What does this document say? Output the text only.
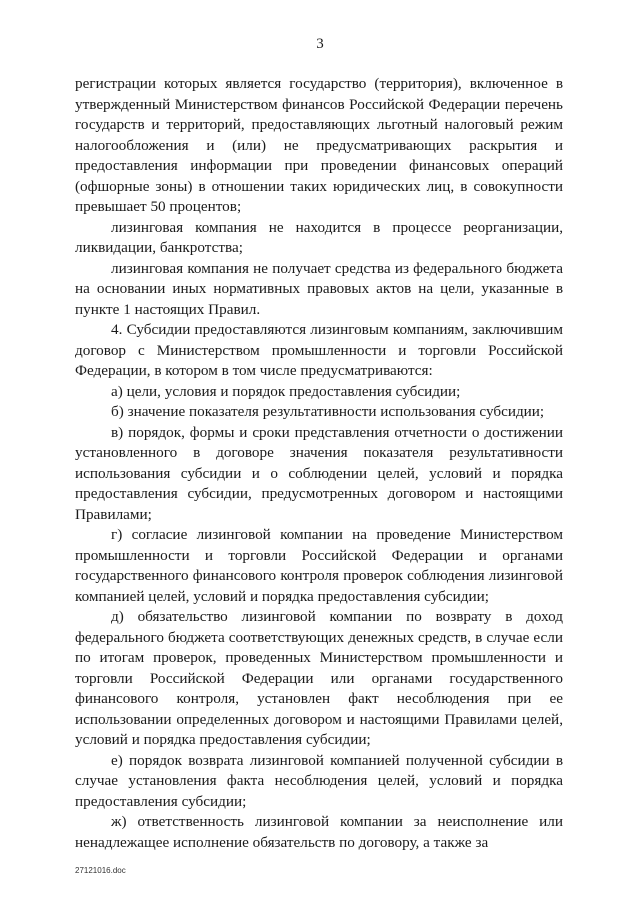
3

регистрации которых является государство (территория), включенное в утвержденный Министерством финансов Российской Федерации перечень государств и территорий, предоставляющих льготный налоговый режим налогообложения и (или) не предусматривающих раскрытия и предоставления информации при проведении финансовых операций (офшорные зоны) в отношении таких юридических лиц, в совокупности превышает 50 процентов;

лизинговая компания не находится в процессе реорганизации, ликвидации, банкротства;

лизинговая компания не получает средства из федерального бюджета на основании иных нормативных правовых актов на цели, указанные в пункте 1 настоящих Правил.

4. Субсидии предоставляются лизинговым компаниям, заключившим договор с Министерством промышленности и торговли Российской Федерации, в котором в том числе предусматриваются:

а) цели, условия и порядок предоставления субсидии;

б) значение показателя результативности использования субсидии;

в) порядок, формы и сроки представления отчетности о достижении установленного в договоре значения показателя результативности использования субсидии и о соблюдении целей, условий и порядка предоставления субсидии, предусмотренных договором и настоящими Правилами;

г) согласие лизинговой компании на проведение Министерством промышленности и торговли Российской Федерации и органами государственного финансового контроля проверок соблюдения лизинговой компанией целей, условий и порядка предоставления субсидии;

д) обязательство лизинговой компании по возврату в доход федерального бюджета соответствующих денежных средств, в случае если по итогам проверок, проведенных Министерством промышленности и торговли Российской Федерации или органами государственного финансового контроля, установлен факт несоблюдения при ее использовании определенных договором и настоящими Правилами целей, условий и порядка предоставления субсидии;

е) порядок возврата лизинговой компанией полученной субсидии в случае установления факта несоблюдения целей, условий и порядка предоставления субсидии;

ж) ответственность лизинговой компании за неисполнение или ненадлежащее исполнение обязательств по договору, а также за

27121016.doc
